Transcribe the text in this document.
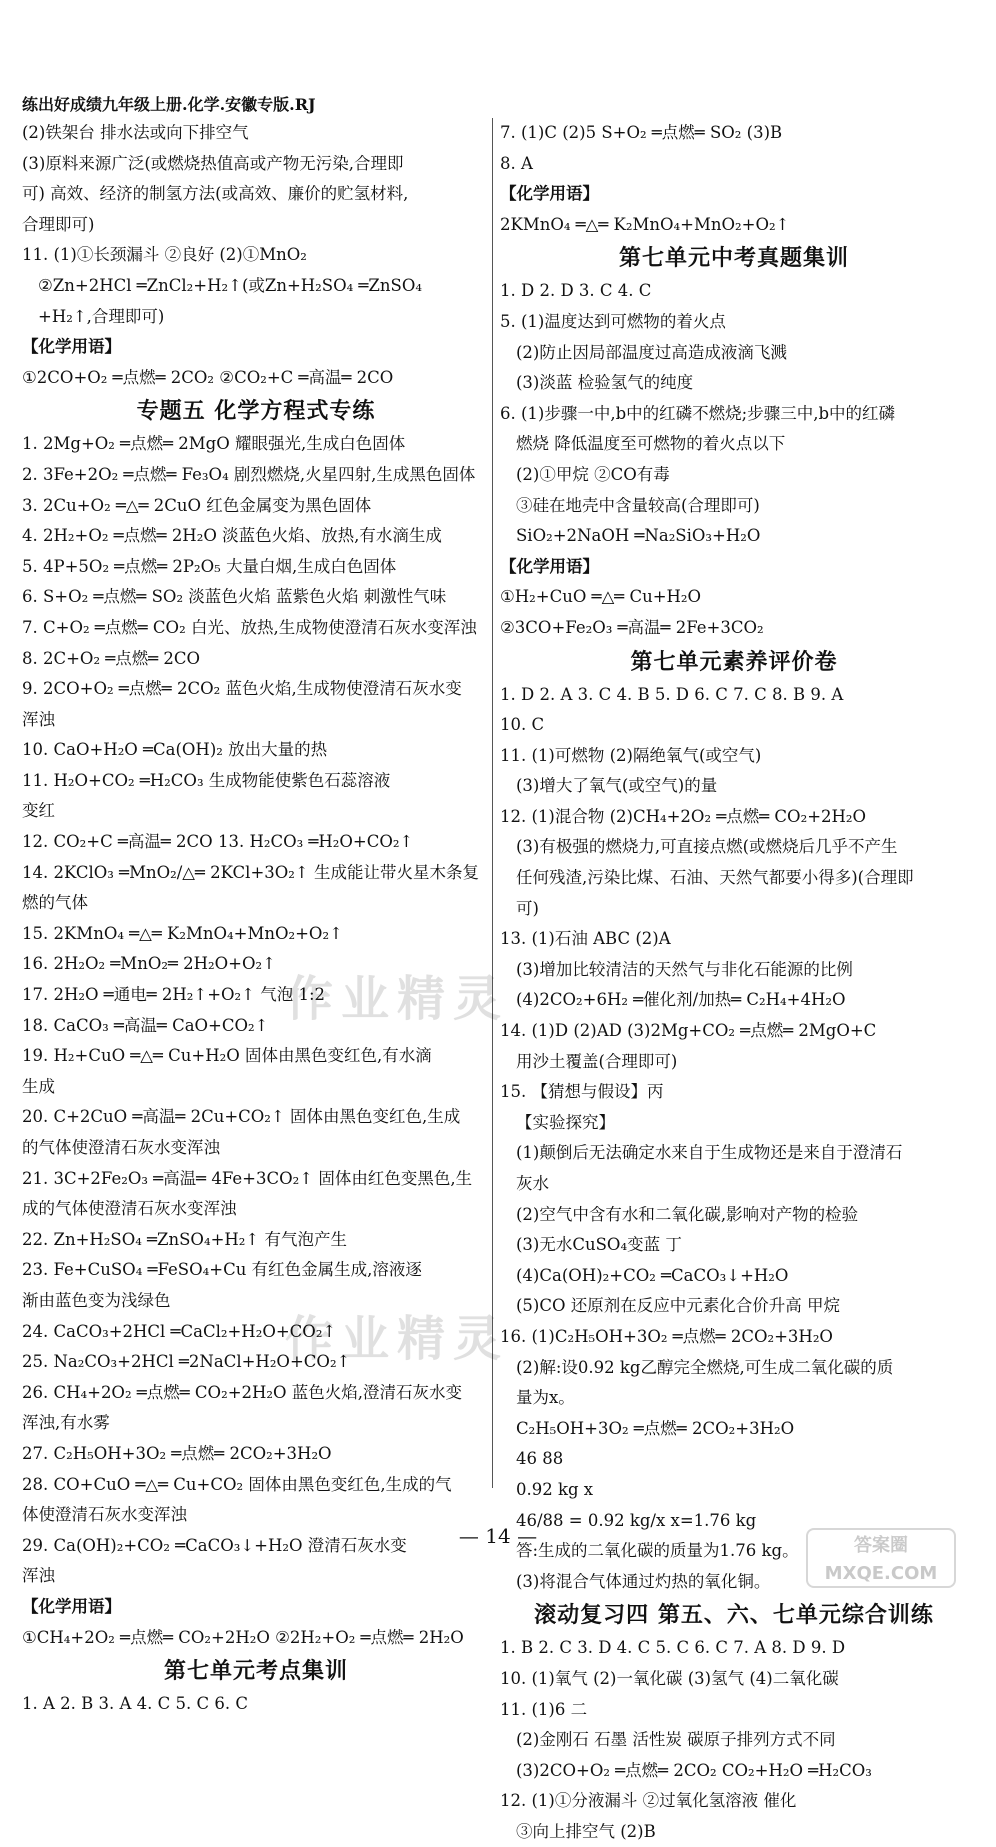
练出好成绩九年级上册.化学.安徽专版.RJ
(2)铁架台 排水法或向下排空气
(3)原料来源广泛(或燃烧热值高或产物无污染,合理即
可) 高效、经济的制氢方法(或高效、廉价的贮氢材料,
合理即可)
11. (1)①长颈漏斗 ②良好 (2)①MnO₂
②Zn+2HCl ═ZnCl₂+H₂↑(或Zn+H₂SO₄ ═ZnSO₄
+H₂↑,合理即可)
【化学用语】
①2CO+O₂ ═点燃═ 2CO₂ ②CO₂+C ═高温═ 2CO
专题五 化学方程式专练
1. 2Mg+O₂ ═点燃═ 2MgO 耀眼强光,生成白色固体
2. 3Fe+2O₂ ═点燃═ Fe₃O₄ 剧烈燃烧,火星四射,生成黑色固体
3. 2Cu+O₂ ═△═ 2CuO 红色金属变为黑色固体
4. 2H₂+O₂ ═点燃═ 2H₂O 淡蓝色火焰、放热,有水滴生成
5. 4P+5O₂ ═点燃═ 2P₂O₅ 大量白烟,生成白色固体
6. S+O₂ ═点燃═ SO₂ 淡蓝色火焰 蓝紫色火焰 刺激性气味
7. C+O₂ ═点燃═ CO₂ 白光、放热,生成物使澄清石灰水变浑浊
8. 2C+O₂ ═点燃═ 2CO
9. 2CO+O₂ ═点燃═ 2CO₂ 蓝色火焰,生成物使澄清石灰水变
浑浊
10. CaO+H₂O ═Ca(OH)₂ 放出大量的热
11. H₂O+CO₂ ═H₂CO₃ 生成物能使紫色石蕊溶液
变红
12. CO₂+C ═高温═ 2CO 13. H₂CO₃ ═H₂O+CO₂↑
14. 2KClO₃ ═MnO₂/△═ 2KCl+3O₂↑ 生成能让带火星木条复
燃的气体
15. 2KMnO₄ ═△═ K₂MnO₄+MnO₂+O₂↑
16. 2H₂O₂ ═MnO₂═ 2H₂O+O₂↑
17. 2H₂O ═通电═ 2H₂↑+O₂↑ 气泡 1:2
18. CaCO₃ ═高温═ CaO+CO₂↑
19. H₂+CuO ═△═ Cu+H₂O 固体由黑色变红色,有水滴
生成
20. C+2CuO ═高温═ 2Cu+CO₂↑ 固体由黑色变红色,生成
的气体使澄清石灰水变浑浊
21. 3C+2Fe₂O₃ ═高温═ 4Fe+3CO₂↑ 固体由红色变黑色,生
成的气体使澄清石灰水变浑浊
22. Zn+H₂SO₄ ═ZnSO₄+H₂↑ 有气泡产生
23. Fe+CuSO₄ ═FeSO₄+Cu 有红色金属生成,溶液逐
渐由蓝色变为浅绿色
24. CaCO₃+2HCl ═CaCl₂+H₂O+CO₂↑
25. Na₂CO₃+2HCl ═2NaCl+H₂O+CO₂↑
26. CH₄+2O₂ ═点燃═ CO₂+2H₂O 蓝色火焰,澄清石灰水变
浑浊,有水雾
27. C₂H₅OH+3O₂ ═点燃═ 2CO₂+3H₂O
28. CO+CuO ═△═ Cu+CO₂ 固体由黑色变红色,生成的气
体使澄清石灰水变浑浊
29. Ca(OH)₂+CO₂ ═CaCO₃↓+H₂O 澄清石灰水变
浑浊
【化学用语】
①CH₄+2O₂ ═点燃═ CO₂+2H₂O ②2H₂+O₂ ═点燃═ 2H₂O
第七单元考点集训
1. A 2. B 3. A 4. C 5. C 6. C
7. (1)C (2)5 S+O₂ ═点燃═ SO₂ (3)B
8. A
【化学用语】
2KMnO₄ ═△═ K₂MnO₄+MnO₂+O₂↑
第七单元中考真题集训
1. D 2. D 3. C 4. C
5. (1)温度达到可燃物的着火点
(2)防止因局部温度过高造成液滴飞溅
(3)淡蓝 检验氢气的纯度
6. (1)步骤一中,b中的红磷不燃烧;步骤三中,b中的红磷
燃烧 降低温度至可燃物的着火点以下
(2)①甲烷 ②CO有毒
③硅在地壳中含量较高(合理即可)
SiO₂+2NaOH ═Na₂SiO₃+H₂O
【化学用语】
①H₂+CuO ═△═ Cu+H₂O
②3CO+Fe₂O₃ ═高温═ 2Fe+3CO₂
第七单元素养评价卷
1. D 2. A 3. C 4. B 5. D 6. C 7. C 8. B 9. A
10. C
11. (1)可燃物 (2)隔绝氧气(或空气)
(3)增大了氧气(或空气)的量
12. (1)混合物 (2)CH₄+2O₂ ═点燃═ CO₂+2H₂O
(3)有极强的燃烧力,可直接点燃(或燃烧后几乎不产生
任何残渣,污染比煤、石油、天然气都要小得多)(合理即
可)
13. (1)石油 ABC (2)A
(3)增加比较清洁的天然气与非化石能源的比例
(4)2CO₂+6H₂ ═催化剂/加热═ C₂H₄+4H₂O
14. (1)D (2)AD (3)2Mg+CO₂ ═点燃═ 2MgO+C
用沙土覆盖(合理即可)
15. 【猜想与假设】丙
【实验探究】
(1)颠倒后无法确定水来自于生成物还是来自于澄清石
灰水
(2)空气中含有水和二氧化碳,影响对产物的检验
(3)无水CuSO₄变蓝 丁
(4)Ca(OH)₂+CO₂ ═CaCO₃↓+H₂O
(5)CO 还原剂在反应中元素化合价升高 甲烷
16. (1)C₂H₅OH+3O₂ ═点燃═ 2CO₂+3H₂O
(2)解:设0.92 kg乙醇完全燃烧,可生成二氧化碳的质
量为x。
C₂H₅OH+3O₂ ═点燃═ 2CO₂+3H₂O
46 88
0.92 kg x
46/88 = 0.92 kg/x x=1.76 kg
答:生成的二氧化碳的质量为1.76 kg。
(3)将混合气体通过灼热的氧化铜。
滚动复习四 第五、六、七单元综合训练
1. B 2. C 3. D 4. C 5. C 6. C 7. A 8. D 9. D
10. (1)氧气 (2)一氧化碳 (3)氢气 (4)二氧化碳
11. (1)6 二
(2)金刚石 石墨 活性炭 碳原子排列方式不同
(3)2CO+O₂ ═点燃═ 2CO₂ CO₂+H₂O ═H₂CO₃
12. (1)①分液漏斗 ②过氧化氢溶液 催化
③向上排空气 (2)B
作业精灵
作业精灵
— 14 —	答案圈
MXQE.COM
